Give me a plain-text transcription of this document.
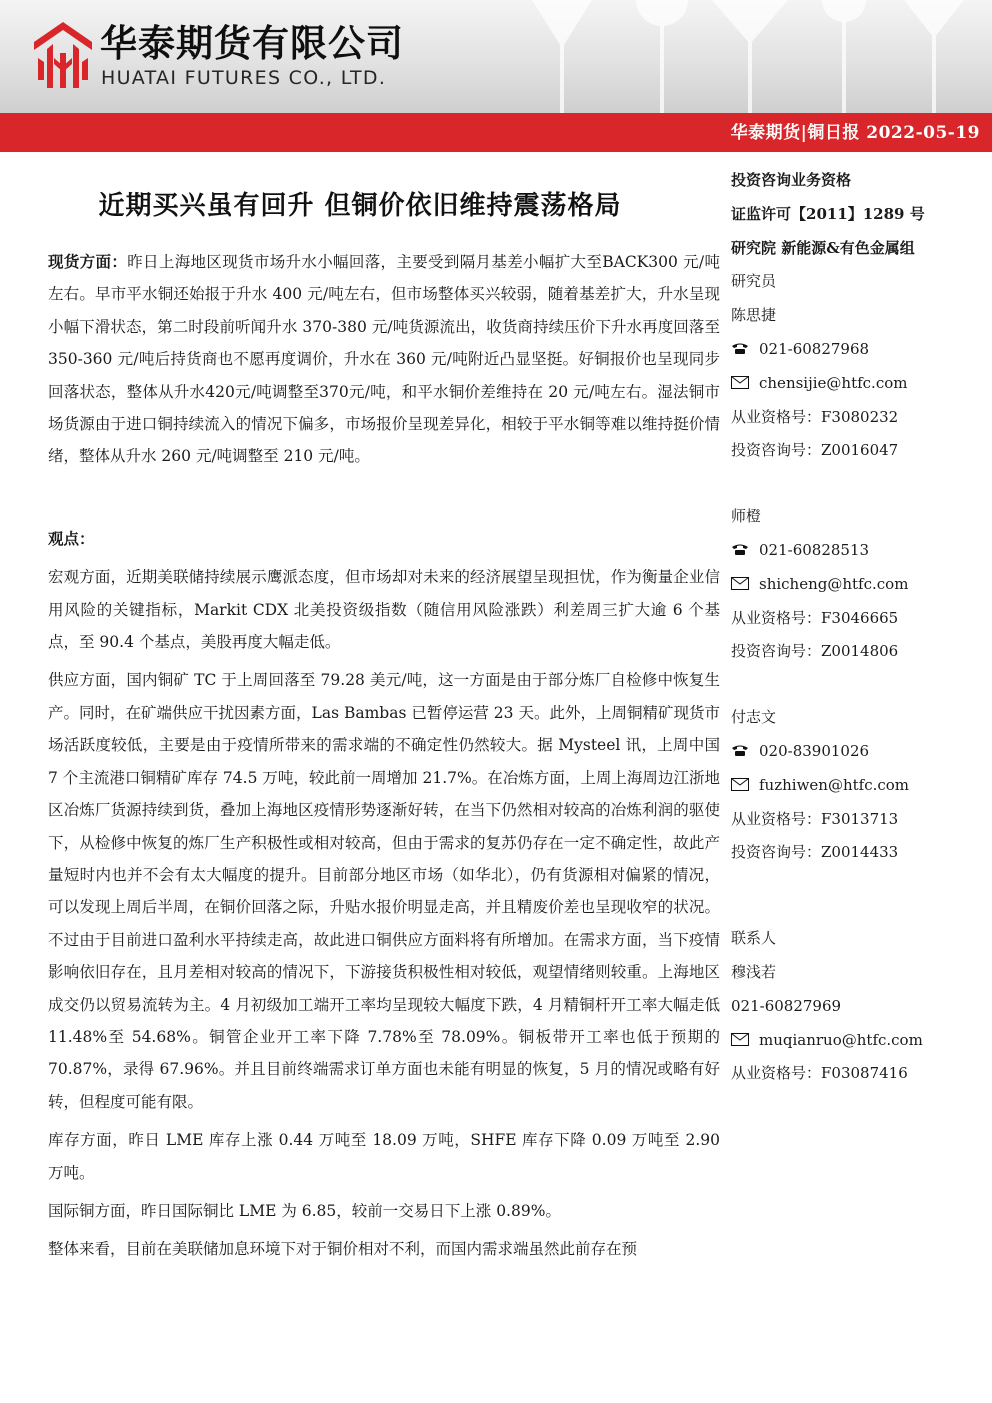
华泰期货有限公司
HUATAI FUTURES CO., LTD.
华泰期货|铜日报 2022-05-19
近期买兴虽有回升 但铜价依旧维持震荡格局

现货方面：昨日上海地区现货市场升水小幅回落，主要受到隔月基差小幅扩大至BACK300 元/吨左右。早市平水铜还始报于升水 400 元/吨左右，但市场整体买兴较弱，随着基差扩大，升水呈现小幅下滑状态，第二时段前听闻升水 370-380 元/吨货源流出，收货商持续压价下升水再度回落至 350-360 元/吨后持货商也不愿再度调价，升水在 360 元/吨附近凸显坚挺。好铜报价也呈现同步回落状态，整体从升水420元/吨调整至370元/吨，和平水铜价差维持在 20 元/吨左右。湿法铜市场货源由于进口铜持续流入的情况下偏多，市场报价呈现差异化，相较于平水铜等难以维持挺价情绪，整体从升水 260 元/吨调整至 210 元/吨。

观点：

宏观方面，近期美联储持续展示鹰派态度，但市场却对未来的经济展望呈现担忧，作为衡量企业信用风险的关键指标，Markit CDX 北美投资级指数（随信用风险涨跌）利差周三扩大逾 6 个基点，至 90.4 个基点，美股再度大幅走低。

供应方面，国内铜矿 TC 于上周回落至 79.28 美元/吨，这一方面是由于部分炼厂自检修中恢复生产。同时，在矿端供应干扰因素方面，Las Bambas 已暂停运营 23 天。此外，上周铜精矿现货市场活跃度较低，主要是由于疫情所带来的需求端的不确定性仍然较大。据 Mysteel 讯，上周中国 7 个主流港口铜精矿库存 74.5 万吨，较此前一周增加 21.7%。在冶炼方面，上周上海周边江浙地区冶炼厂货源持续到货，叠加上海地区疫情形势逐渐好转，在当下仍然相对较高的冶炼利润的驱使下，从检修中恢复的炼厂生产积极性或相对较高，但由于需求的复苏仍存在一定不确定性，故此产量短时内也并不会有太大幅度的提升。目前部分地区市场（如华北），仍有货源相对偏紧的情况，可以发现上周后半周，在铜价回落之际，升贴水报价明显走高，并且精废价差也呈现收窄的状况。不过由于目前进口盈利水平持续走高，故此进口铜供应方面料将有所增加。在需求方面，当下疫情影响依旧存在，且月差相对较高的情况下，下游接货积极性相对较低，观望情绪则较重。上海地区成交仍以贸易流转为主。4 月初级加工端开工率均呈现较大幅度下跌，4 月精铜杆开工率大幅走低 11.48%至 54.68%。铜管企业开工率下降 7.78%至 78.09%。铜板带开工率也低于预期的 70.87%，录得 67.96%。并且目前终端需求订单方面也未能有明显的恢复，5 月的情况或略有好转，但程度可能有限。

库存方面，昨日 LME 库存上涨 0.44 万吨至 18.09 万吨，SHFE 库存下降 0.09 万吨至 2.90 万吨。

国际铜方面，昨日国际铜比 LME 为 6.85，较前一交易日下上涨 0.89%。

整体来看，目前在美联储加息环境下对于铜价相对不利，而国内需求端虽然此前存在预

投资咨询业务资格
证监许可【2011】1289 号
研究院 新能源&有色金属组
研究员
陈思捷
021-60827968
chensijie@htfc.com
从业资格号：F3080232
投资咨询号：Z0016047
师橙
021-60828513
shicheng@htfc.com
从业资格号：F3046665
投资咨询号：Z0014806
付志文
020-83901026
fuzhiwen@htfc.com
从业资格号：F3013713
投资咨询号：Z0014433
联系人
穆浅若
021-60827969
muqianruo@htfc.com
从业资格号：F03087416
